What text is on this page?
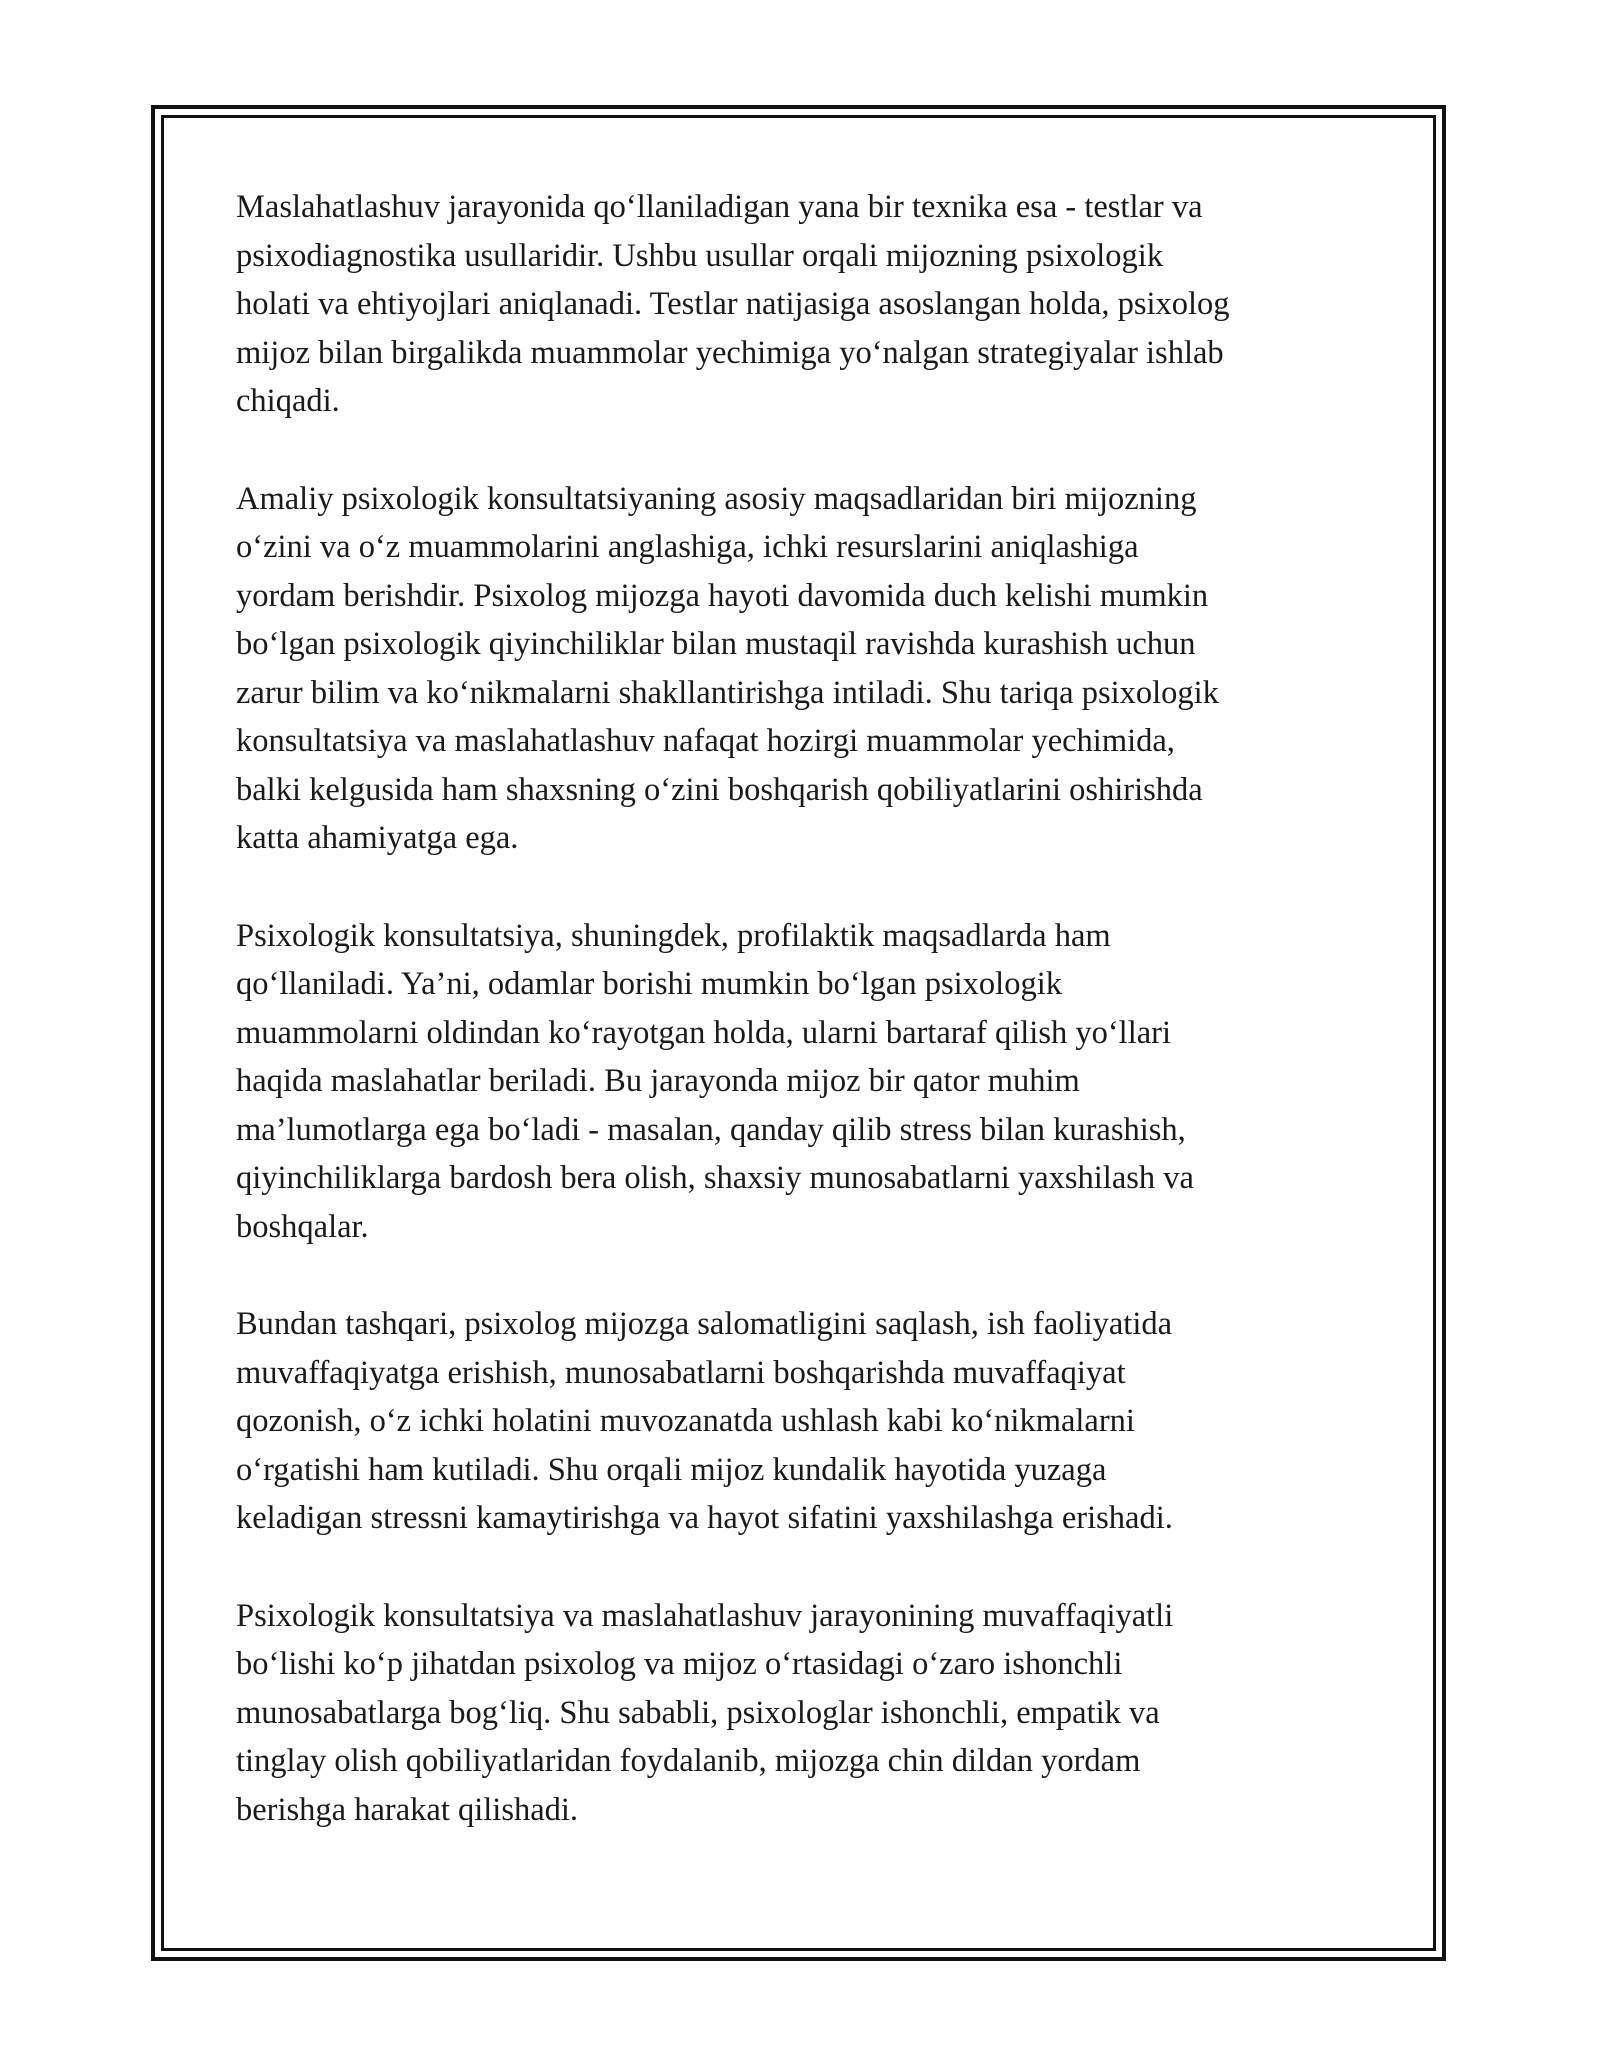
Maslahatlashuv jarayonida qo‘llaniladigan yana bir texnika esa - testlar va
psixodiagnostika usullaridir. Ushbu usullar orqali mijozning psixologik
holati va ehtiyojlari aniqlanadi. Testlar natijasiga asoslangan holda, psixolog
mijoz bilan birgalikda muammolar yechimiga yo‘nalgan strategiyalar ishlab
chiqadi.

Amaliy psixologik konsultatsiyaning asosiy maqsadlaridan biri mijozning
o‘zini va o‘z muammolarini anglashiga, ichki resurslarini aniqlashiga
yordam berishdir. Psixolog mijozga hayoti davomida duch kelishi mumkin
bo‘lgan psixologik qiyinchiliklar bilan mustaqil ravishda kurashish uchun
zarur bilim va ko‘nikmalarni shakllantirishga intiladi. Shu tariqa psixologik
konsultatsiya va maslahatlashuv nafaqat hozirgi muammolar yechimida,
balki kelgusida ham shaxsning o‘zini boshqarish qobiliyatlarini oshirishda
katta ahamiyatga ega.

Psixologik konsultatsiya, shuningdek, profilaktik maqsadlarda ham
qo‘llaniladi. Ya’ni, odamlar borishi mumkin bo‘lgan psixologik
muammolarni oldindan ko‘rayotgan holda, ularni bartaraf qilish yo‘llari
haqida maslahatlar beriladi. Bu jarayonda mijoz bir qator muhim
ma’lumotlarga ega bo‘ladi - masalan, qanday qilib stress bilan kurashish,
qiyinchiliklarga bardosh bera olish, shaxsiy munosabatlarni yaxshilash va
boshqalar.

Bundan tashqari, psixolog mijozga salomatligini saqlash, ish faoliyatida
muvaffaqiyatga erishish, munosabatlarni boshqarishda muvaffaqiyat
qozonish, o‘z ichki holatini muvozanatda ushlash kabi ko‘nikmalarni
o‘rgatishi ham kutiladi. Shu orqali mijoz kundalik hayotida yuzaga
keladigan stressni kamaytirishga va hayot sifatini yaxshilashga erishadi.

Psixologik konsultatsiya va maslahatlashuv jarayonining muvaffaqiyatli
bo‘lishi ko‘p jihatdan psixolog va mijoz o‘rtasidagi o‘zaro ishonchli
munosabatlarga bog‘liq. Shu sababli, psixologlar ishonchli, empatik va
tinglay olish qobiliyatlaridan foydalanib, mijozga chin dildan yordam
berishga harakat qilishadi.
